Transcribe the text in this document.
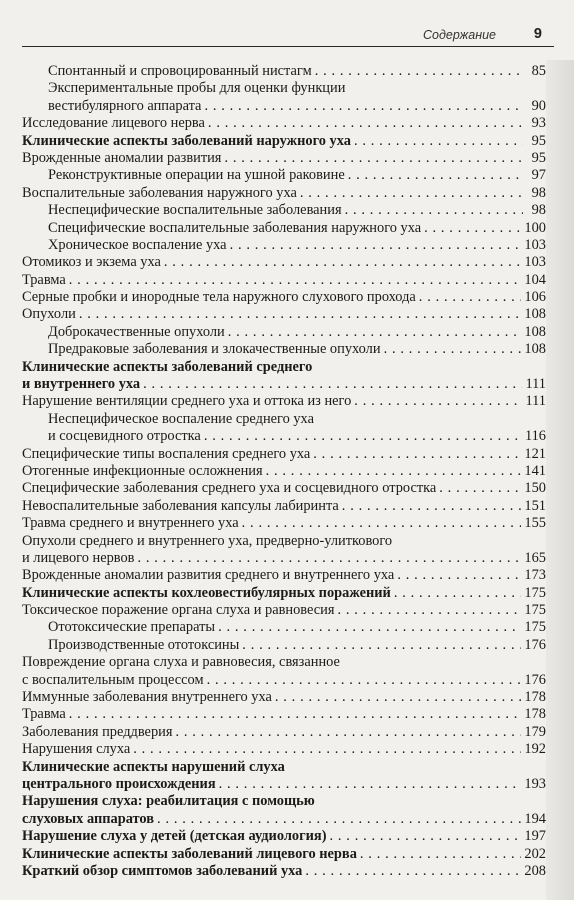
Содержание	9
Спонтанный и спровоцированный нистагм . . .	85
Экспериментальные пробы для оценки функции
вестибулярного аппарата . . .	90
Исследование лицевого нерва . . .	93
Клинические аспекты заболеваний наружного уха . . .	95
Врожденные аномалии развития . . .	95
Реконструктивные операции на ушной раковине . . .	97
Воспалительные заболевания наружного уха . . .	98
Неспецифические воспалительные заболевания . . .	98
Специфические воспалительные заболевания наружного уха . . .	100
Хроническое воспаление уха . . .	103
Отомикоз и экзема уха . . .	103
Травма . . .	104
Серные пробки и инородные тела наружного слухового прохода . . .	106
Опухоли . . .	108
Доброкачественные опухоли . . .	108
Предраковые заболевания и злокачественные опухоли . . .	108
Клинические аспекты заболеваний среднего
и внутреннего уха . . .	111
Нарушение вентиляции среднего уха и оттока из него . . .	111
Неспецифическое воспаление среднего уха
и сосцевидного отростка . . .	116
Специфические типы воспаления среднего уха . . .	121
Отогенные инфекционные осложнения . . .	141
Специфические заболевания среднего уха и сосцевидного отростка . . .	150
Невоспалительные заболевания капсулы лабиринта . . .	151
Травма среднего и внутреннего уха . . .	155
Опухоли среднего и внутреннего уха, предверно-улиткового
и лицевого нервов . . .	165
Врожденные аномалии развития среднего и внутреннего уха . . .	173
Клинические аспекты кохлеовестибулярных поражений . . .	175
Токсическое поражение органа слуха и равновесия . . .	175
Ототоксические препараты . . .	175
Производственные ототоксины . . .	176
Повреждение органа слуха и равновесия, связанное
с воспалительным процессом . . .	176
Иммунные заболевания внутреннего уха . . .	178
Травма . . .	178
Заболевания преддверия . . .	179
Нарушения слуха . . .	192
Клинические аспекты нарушений слуха
центрального происхождения . . .	193
Нарушения слуха: реабилитация с помощью
слуховых аппаратов . . .	194
Нарушение слуха у детей (детская аудиология) . . .	197
Клинические аспекты заболеваний лицевого нерва . . .	202
Краткий обзор симптомов заболеваний уха . . .	208
